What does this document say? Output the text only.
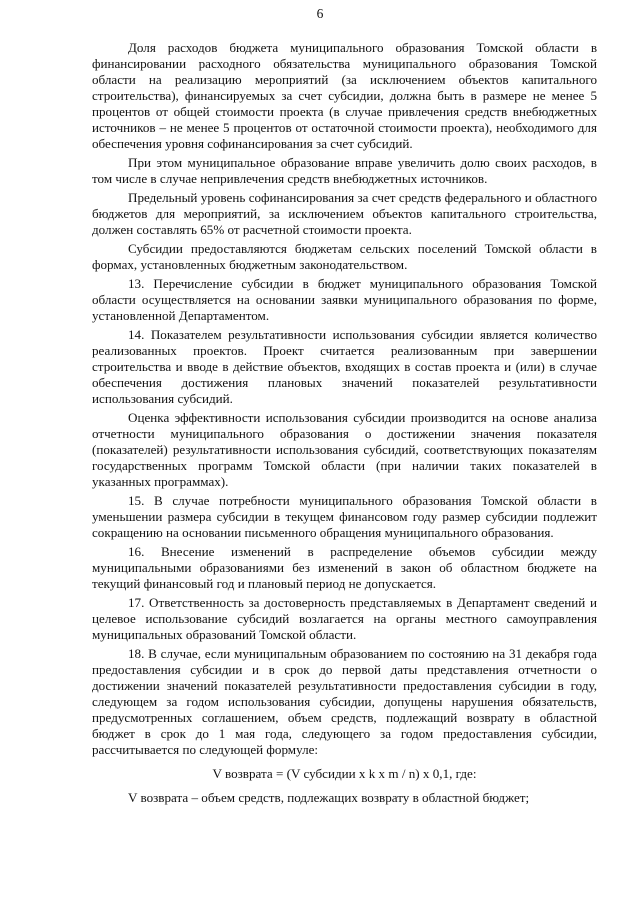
6

Доля расходов бюджета муниципального образования Томской области в финансировании расходного обязательства муниципального образования Томской области на реализацию мероприятий (за исключением объектов капитального строительства), финансируемых за счет субсидии, должна быть в размере не менее 5 процентов от общей стоимости проекта (в случае привлечения средств внебюджетных источников – не менее 5 процентов от остаточной стоимости проекта), необходимого для обеспечения уровня софинансирования за счет субсидий.

При этом муниципальное образование вправе увеличить долю своих расходов, в том числе в случае непривлечения средств внебюджетных источников.

Предельный уровень софинансирования за счет средств федерального и областного бюджетов для мероприятий, за исключением объектов капитального строительства, должен составлять 65% от расчетной стоимости проекта.

Субсидии предоставляются бюджетам сельских поселений Томской области в формах, установленных бюджетным законодательством.

13. Перечисление субсидии в бюджет муниципального образования Томской области осуществляется на основании заявки муниципального образования по форме, установленной Департаментом.

14. Показателем результативности использования субсидии является количество реализованных проектов. Проект считается реализованным при завершении строительства и вводе в действие объектов, входящих в состав проекта и (или) в случае обеспечения достижения плановых значений показателей результативности использования субсидий.

Оценка эффективности использования субсидии производится на основе анализа отчетности муниципального образования о достижении значения показателя (показателей) результативности использования субсидий, соответствующих показателям государственных программ Томской области (при наличии таких показателей в указанных программах).

15. В случае потребности муниципального образования Томской области в уменьшении размера субсидии в текущем финансовом году размер субсидии подлежит сокращению на основании письменного обращения муниципального образования.

16. Внесение изменений в распределение объемов субсидии между муниципальными образованиями без изменений в закон об областном бюджете на текущий финансовый год и плановый период не допускается.

17. Ответственность за достоверность представляемых в Департамент сведений и целевое использование субсидий возлагается на органы местного самоуправления муниципальных образований Томской области.

18. В случае, если муниципальным образованием по состоянию на 31 декабря года предоставления субсидии и в срок до первой даты представления отчетности о достижении значений показателей результативности предоставления субсидии в году, следующем за годом использования субсидии, допущены нарушения обязательств, предусмотренных соглашением, объем средств, подлежащий возврату в областной бюджет в срок до 1 мая года, следующего за годом предоставления субсидии, рассчитывается по следующей формуле:

V возврата = (V субсидии x k x m / n) x 0,1, где:

V возврата – объем средств, подлежащих возврату в областной бюджет;
